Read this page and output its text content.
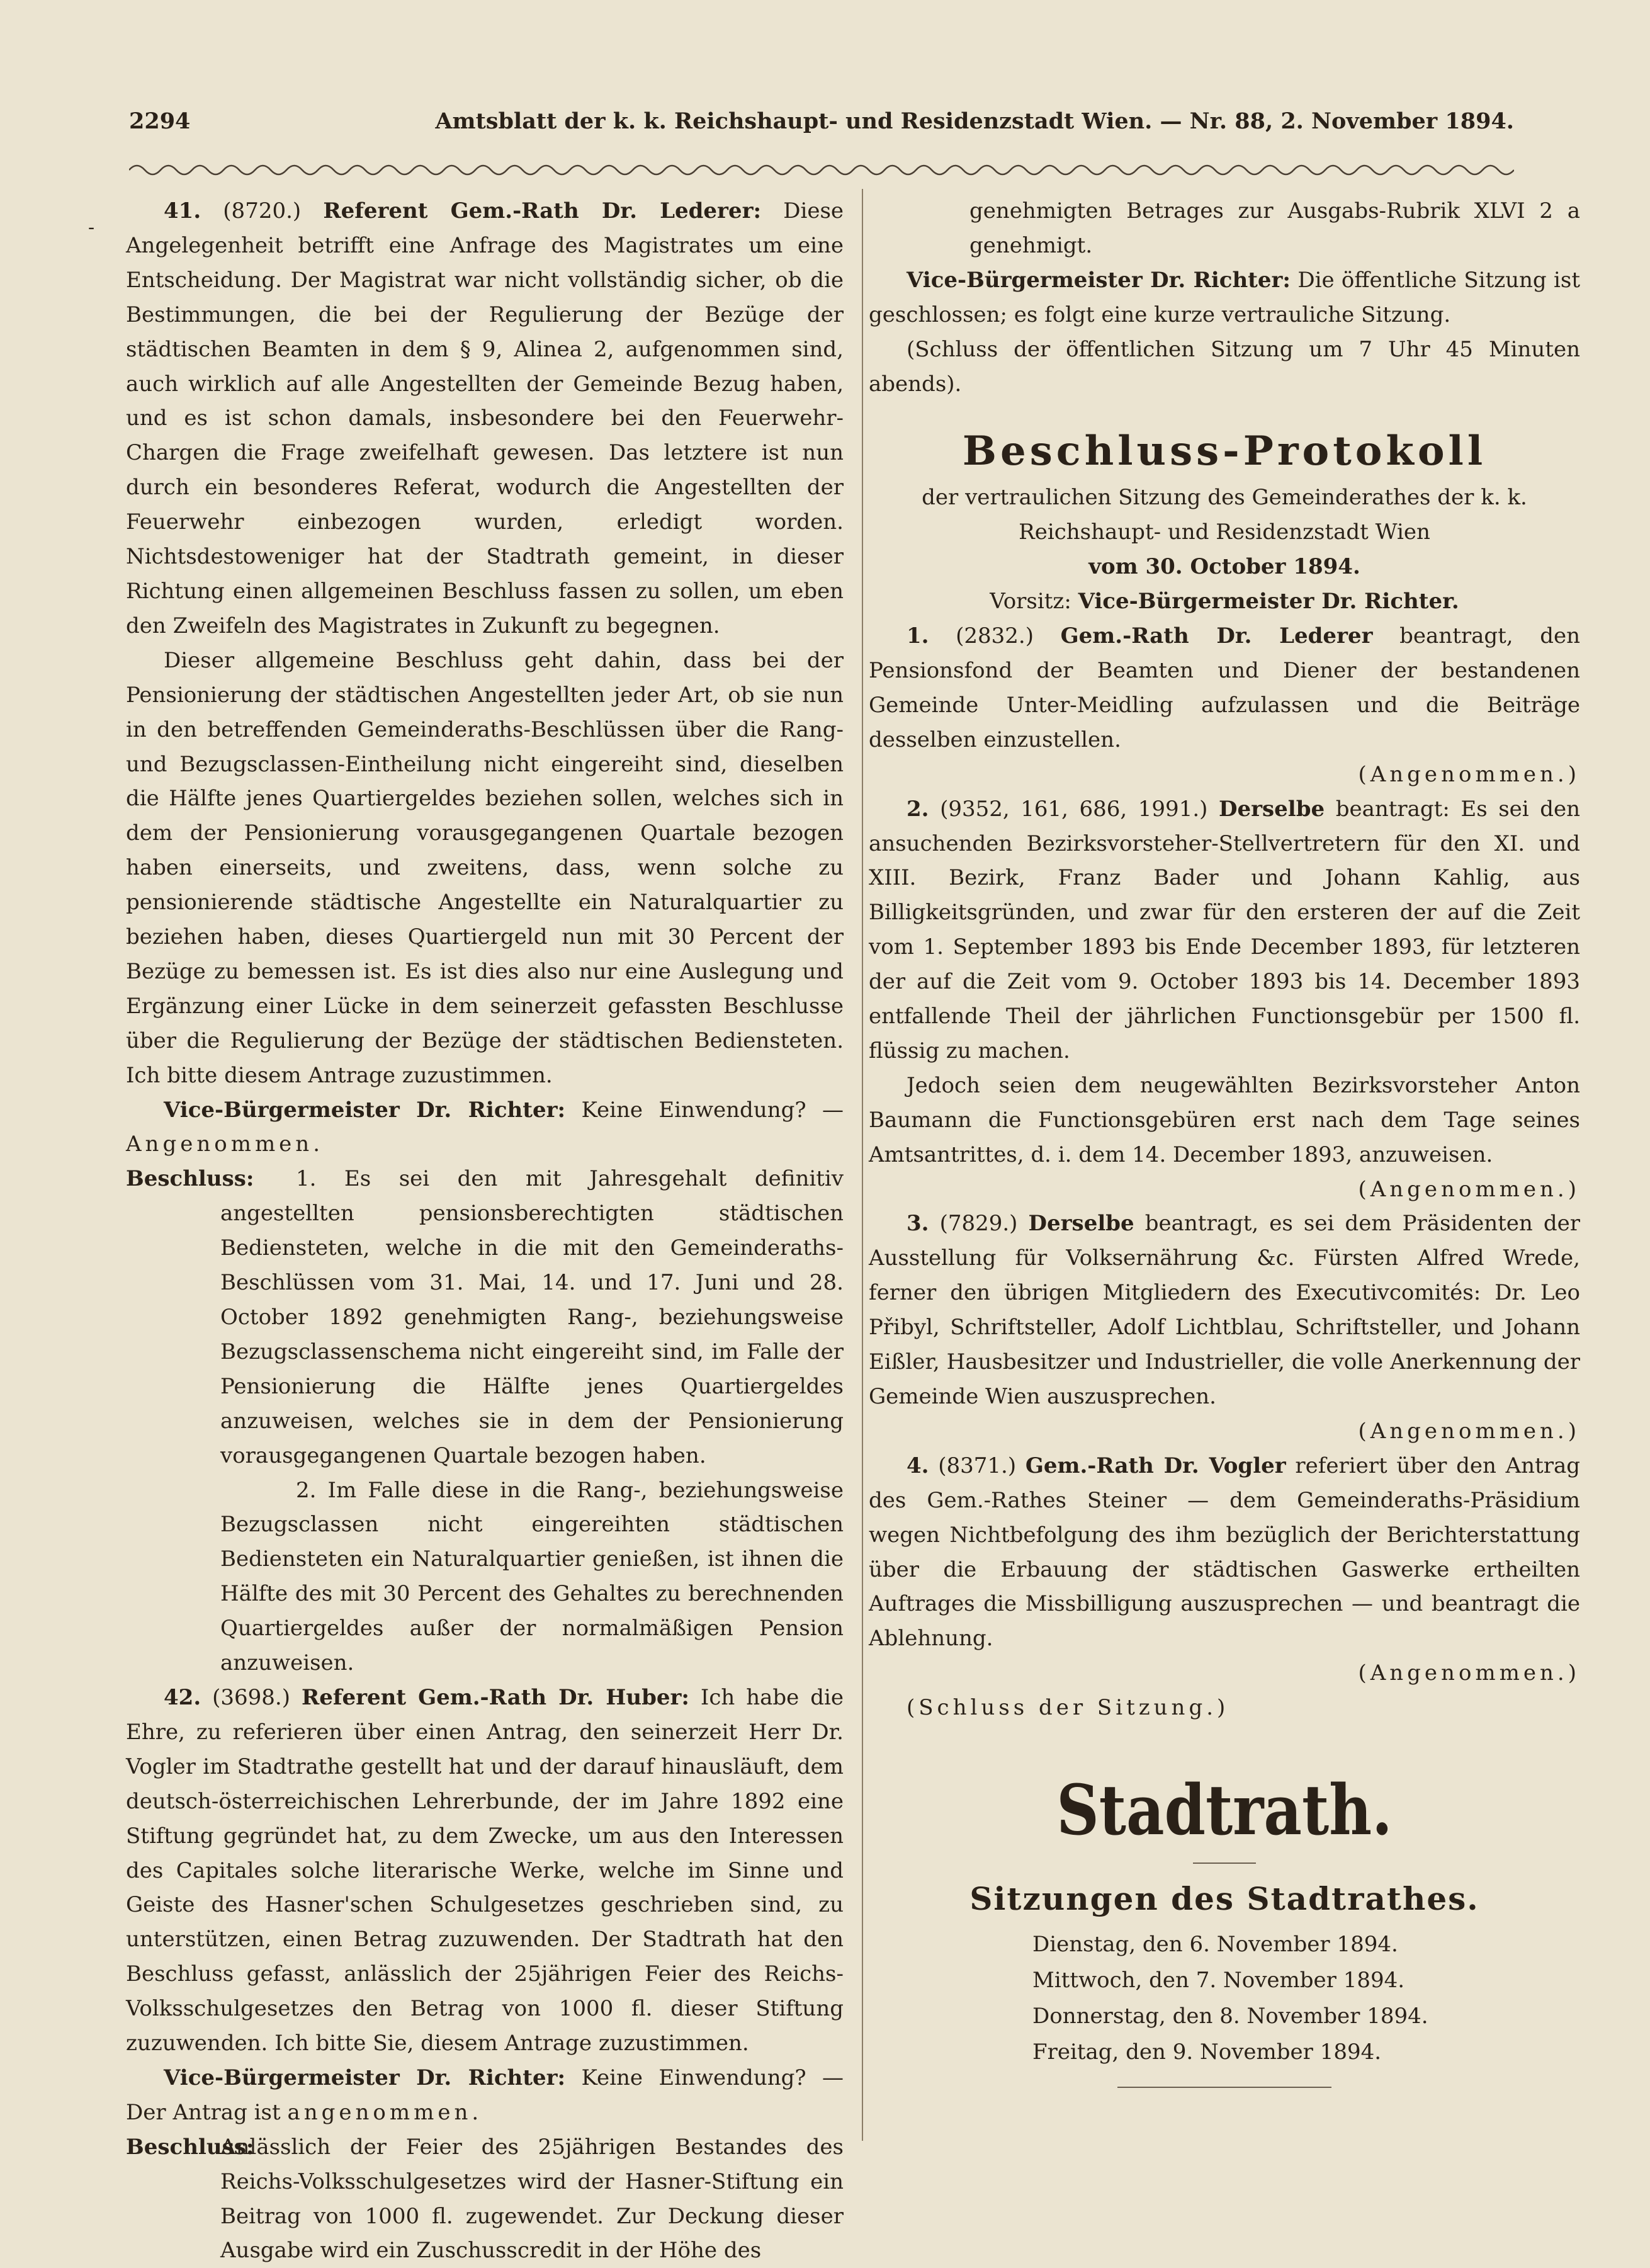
2294	Amtsblatt der k. k. Reichshaupt- und Residenzstadt Wien. — Nr. 88, 2. November 1894.
-

41. (8720.) Referent Gem.-Rath Dr. Lederer: Diese Angelegenheit betrifft eine Anfrage des Magistrates um eine Entscheidung. Der Magistrat war nicht vollständig sicher, ob die Bestimmungen, die bei der Regulierung der Bezüge der städtischen Beamten in dem § 9, Alinea 2, aufgenommen sind, auch wirklich auf alle Angestellten der Gemeinde Bezug haben, und es ist schon damals, insbesondere bei den Feuerwehr-Chargen die Frage zweifelhaft gewesen. Das letztere ist nun durch ein besonderes Referat, wodurch die Angestellten der Feuerwehr einbezogen wurden, erledigt worden. Nichtsdestoweniger hat der Stadtrath gemeint, in dieser Richtung einen allgemeinen Beschluss fassen zu sollen, um eben den Zweifeln des Magistrates in Zukunft zu begegnen.

Dieser allgemeine Beschluss geht dahin, dass bei der Pensionierung der städtischen Angestellten jeder Art, ob sie nun in den betreffenden Gemeinderaths-Beschlüssen über die Rang- und Bezugsclassen-Eintheilung nicht eingereiht sind, dieselben die Hälfte jenes Quartiergeldes beziehen sollen, welches sich in dem der Pensionierung vorausgegangenen Quartale bezogen haben einerseits, und zweitens, dass, wenn solche zu pensionierende städtische Angestellte ein Naturalquartier zu beziehen haben, dieses Quartiergeld nun mit 30 Percent der Bezüge zu bemessen ist. Es ist dies also nur eine Auslegung und Ergänzung einer Lücke in dem seinerzeit gefassten Beschlusse über die Regulierung der Bezüge der städtischen Bediensteten. Ich bitte diesem Antrage zuzustimmen.

Vice-Bürgermeister Dr. Richter: Keine Einwendung? — Angenommen.

Beschluss:	1. Es sei den mit Jahresgehalt definitiv angestellten pensionsberechtigten städtischen Bediensteten, welche in die mit den Gemeinderaths-Beschlüssen vom 31. Mai, 14. und 17. Juni und 28. October 1892 genehmigten Rang-, beziehungsweise Bezugsclassenschema nicht eingereiht sind, im Falle der Pensionierung die Hälfte jenes Quartiergeldes anzuweisen, welches sie in dem der Pensionierung vorausgegangenen Quartale bezogen haben.

2. Im Falle diese in die Rang-, beziehungsweise Bezugsclassen nicht eingereihten städtischen Bediensteten ein Naturalquartier genießen, ist ihnen die Hälfte des mit 30 Percent des Gehaltes zu berechnenden Quartiergeldes außer der normalmäßigen Pension anzuweisen.

42. (3698.) Referent Gem.-Rath Dr. Huber: Ich habe die Ehre, zu referieren über einen Antrag, den seinerzeit Herr Dr. Vogler im Stadtrathe gestellt hat und der darauf hinausläuft, dem deutsch-österreichischen Lehrerbunde, der im Jahre 1892 eine Stiftung gegründet hat, zu dem Zwecke, um aus den Interessen des Capitales solche literarische Werke, welche im Sinne und Geiste des Hasner'schen Schulgesetzes geschrieben sind, zu unterstützen, einen Betrag zuzuwenden. Der Stadtrath hat den Beschluss gefasst, anlässlich der 25jährigen Feier des Reichs-Volksschulgesetzes den Betrag von 1000 fl. dieser Stiftung zuzuwenden. Ich bitte Sie, diesem Antrage zuzustimmen.

Vice-Bürgermeister Dr. Richter: Keine Einwendung? — Der Antrag ist angenommen.

Beschluss:
Anlässlich der Feier des 25jährigen Bestandes des Reichs-Volksschulgesetzes wird der Hasner-Stiftung ein Beitrag von 1000 fl. zugewendet. Zur Deckung dieser Ausgabe wird ein Zuschusscredit in der Höhe des

genehmigten Betrages zur Ausgabs-Rubrik XLVI 2 a genehmigt.

Vice-Bürgermeister Dr. Richter: Die öffentliche Sitzung ist geschlossen; es folgt eine kurze vertrauliche Sitzung.

(Schluss der öffentlichen Sitzung um 7 Uhr 45 Minuten abends).

Beschluss-Protokoll

der vertraulichen Sitzung des Gemeinderathes der k. k. Reichshaupt- und Residenzstadt Wien

vom 30. October 1894.

Vorsitz: Vice-Bürgermeister Dr. Richter.

1. (2832.) Gem.-Rath Dr. Lederer beantragt, den Pensionsfond der Beamten und Diener der bestandenen Gemeinde Unter-Meidling aufzulassen und die Beiträge desselben einzustellen.

(Angenommen.)

2. (9352, 161, 686, 1991.) Derselbe beantragt: Es sei den ansuchenden Bezirksvorsteher-Stellvertretern für den XI. und XIII. Bezirk, Franz Bader und Johann Kahlig, aus Billigkeitsgründen, und zwar für den ersteren der auf die Zeit vom 1. September 1893 bis Ende December 1893, für letzteren der auf die Zeit vom 9. October 1893 bis 14. December 1893 entfallende Theil der jährlichen Functionsgebür per 1500 fl. flüssig zu machen.

Jedoch seien dem neugewählten Bezirksvorsteher Anton Baumann die Functionsgebüren erst nach dem Tage seines Amtsantrittes, d. i. dem 14. December 1893, anzuweisen.

(Angenommen.)

3. (7829.) Derselbe beantragt, es sei dem Präsidenten der Ausstellung für Volksernährung &c. Fürsten Alfred Wrede, ferner den übrigen Mitgliedern des Executivcomités: Dr. Leo Přibyl, Schriftsteller, Adolf Lichtblau, Schriftsteller, und Johann Eißler, Hausbesitzer und Industrieller, die volle Anerkennung der Gemeinde Wien auszusprechen.

(Angenommen.)

4. (8371.) Gem.-Rath Dr. Vogler referiert über den Antrag des Gem.-Rathes Steiner — dem Gemeinderaths-Präsidium wegen Nichtbefolgung des ihm bezüglich der Berichterstattung über die Erbauung der städtischen Gaswerke ertheilten Auftrages die Missbilligung auszusprechen — und beantragt die Ablehnung.

(Angenommen.)

(Schluss der Sitzung.)

Stadtrath.
Sitzungen des Stadtrathes.
Dienstag, den 6. November 1894.
Mittwoch, den 7. November 1894.
Donnerstag, den 8. November 1894.
Freitag, den 9. November 1894.
